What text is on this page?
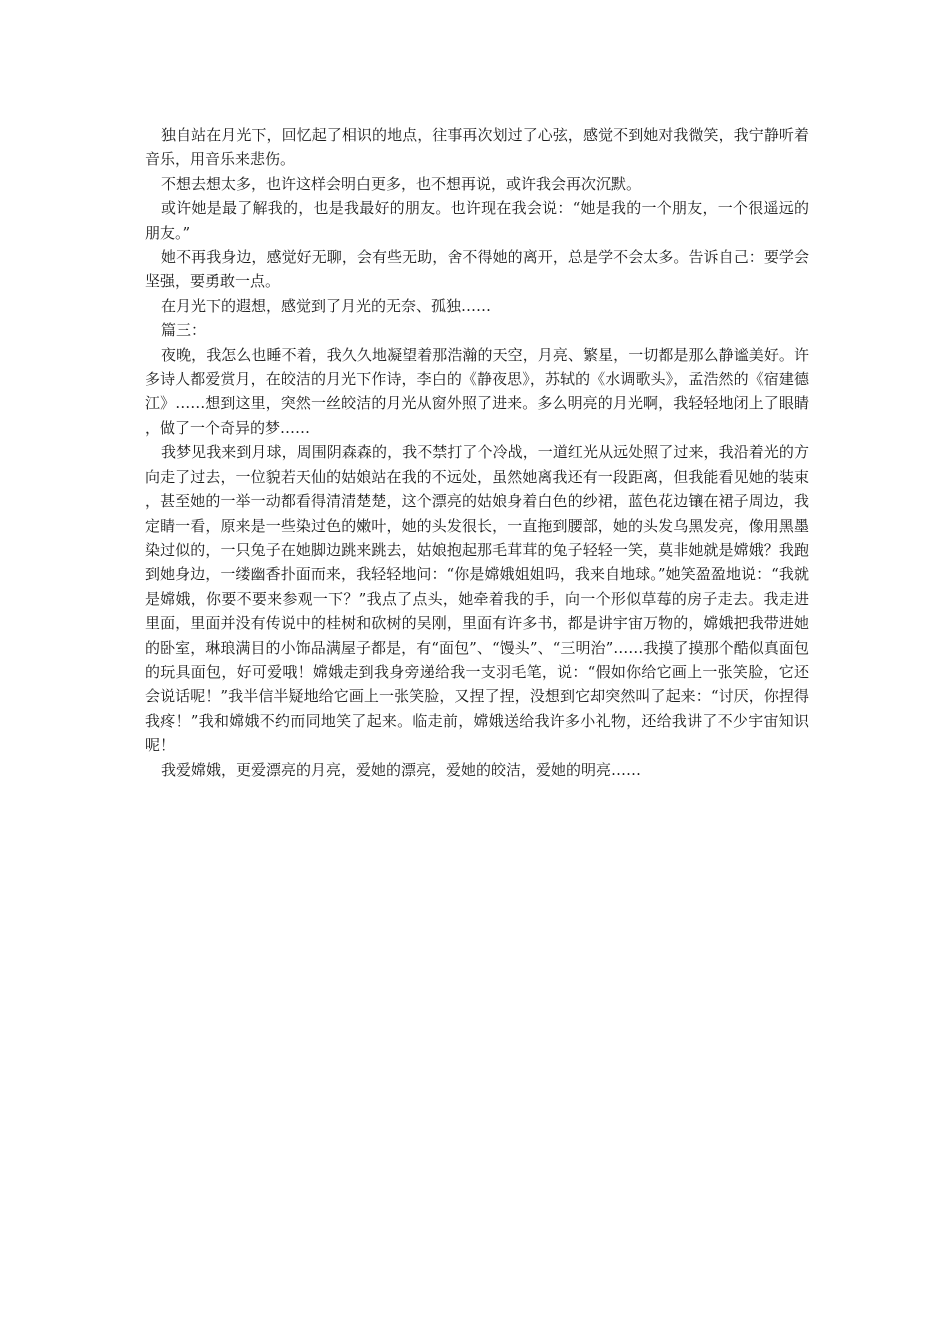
独自站在月光下，回忆起了相识的地点，往事再次划过了心弦，感觉不到她对我微笑，我宁静听着音乐，用音乐来悲伤。

不想去想太多，也许这样会明白更多，也不想再说，或许我会再次沉默。

或许她是最了解我的，也是我最好的朋友。也许现在我会说：“她是我的一个朋友，一个很遥远的朋友。”

她不再我身边，感觉好无聊，会有些无助，舍不得她的离开，总是学不会太多。告诉自己：要学会坚强，要勇敢一点。

在月光下的遐想，感觉到了月光的无奈、孤独……

篇三：

夜晚，我怎么也睡不着，我久久地凝望着那浩瀚的天空，月亮、繁星，一切都是那么静谧美好。许多诗人都爱赏月，在皎洁的月光下作诗，李白的《静夜思》，苏轼的《水调歌头》，孟浩然的《宿建德江》……想到这里，突然一丝皎洁的月光从窗外照了进来。多么明亮的月光啊，我轻轻地闭上了眼睛，做了一个奇异的梦……

我梦见我来到月球，周围阴森森的，我不禁打了个冷战，一道红光从远处照了过来，我沿着光的方向走了过去，一位貌若天仙的姑娘站在我的不远处，虽然她离我还有一段距离，但我能看见她的装束，甚至她的一举一动都看得清清楚楚，这个漂亮的姑娘身着白色的纱裙，蓝色花边镶在裙子周边，我定睛一看，原来是一些染过色的嫩叶，她的头发很长，一直拖到腰部，她的头发乌黑发亮，像用黑墨染过似的，一只兔子在她脚边跳来跳去，姑娘抱起那毛茸茸的兔子轻轻一笑，莫非她就是嫦娥？我跑到她身边，一缕幽香扑面而来，我轻轻地问：“你是嫦娥姐姐吗，我来自地球。”她笑盈盈地说：“我就是嫦娥，你要不要来参观一下？”我点了点头，她牵着我的手，向一个形似草莓的房子走去。我走进里面，里面并没有传说中的桂树和砍树的吴刚，里面有许多书，都是讲宇宙万物的，嫦娥把我带进她的卧室，琳琅满目的小饰品满屋子都是，有“面包”、“馒头”、“三明治”……我摸了摸那个酷似真面包的玩具面包，好可爱哦！嫦娥走到我身旁递给我一支羽毛笔，说：“假如你给它画上一张笑脸，它还会说话呢！”我半信半疑地给它画上一张笑脸，又捏了捏，没想到它却突然叫了起来：“讨厌，你捏得我疼！”我和嫦娥不约而同地笑了起来。临走前，嫦娥送给我许多小礼物，还给我讲了不少宇宙知识呢！

我爱嫦娥，更爱漂亮的月亮，爱她的漂亮，爱她的皎洁，爱她的明亮……
